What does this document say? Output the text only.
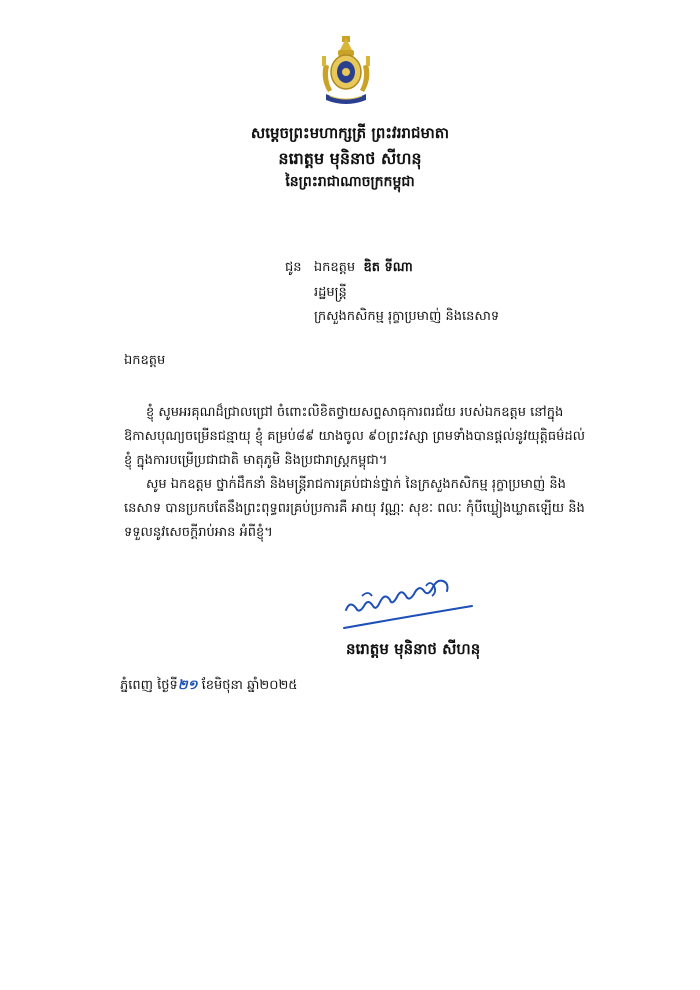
សម្ដេចព្រះមហាក្សត្រី ព្រះវររាជមាតា
នរោត្តម មុនិនាថ សីហនុ
នៃព្រះរាជាណាចក្រកម្ពុជា
ជូន ឯកឧត្តម ឌិត ទីណា
រដ្ឋមន្ត្រី
ក្រសួងកសិកម្ម រុក្ខាប្រមាញ់ និងនេសាទ
ឯកឧត្តម
ខ្ញុំ សូមអរគុណដ៏ជ្រាលជ្រៅ ចំពោះលិខិតថ្វាយសព្ទសាធុការពរជ័យ របស់ឯកឧត្តម នៅក្នុង
ឱកាសបុណ្យចម្រើនជន្មាយុ ខ្ញុំ គម្រប់៨៩ យាងចូល ៩០ព្រះវស្សា ព្រមទាំងបានផ្ដល់នូវយុត្តិធម៌ដល់
ខ្ញុំ ក្នុងការបម្រើប្រជាជាតិ មាតុភូមិ និងប្រជារាស្ត្រកម្ពុជា។
សូម ឯកឧត្តម ថ្នាក់ដឹកនាំ និងមន្ត្រីរាជការគ្រប់ជាន់ថ្នាក់ នៃក្រសួងកសិកម្ម រុក្ខាប្រមាញ់ និង
នេសាទ បានប្រកបតែនឹងព្រះពុទ្ធពរគ្រប់ប្រការគឺ អាយុ វណ្ណៈ សុខៈ ពលៈ កុំបីឃ្លៀងឃ្លាតឡើយ និង
ទទួលនូវសេចក្ដីរាប់អាន អំពីខ្ញុំ។
នរោត្តម មុនិនាថ សីហនុ
ភ្នំពេញ ថ្ងៃទី២១ ខែមិថុនា ឆ្នាំ២០២៥
